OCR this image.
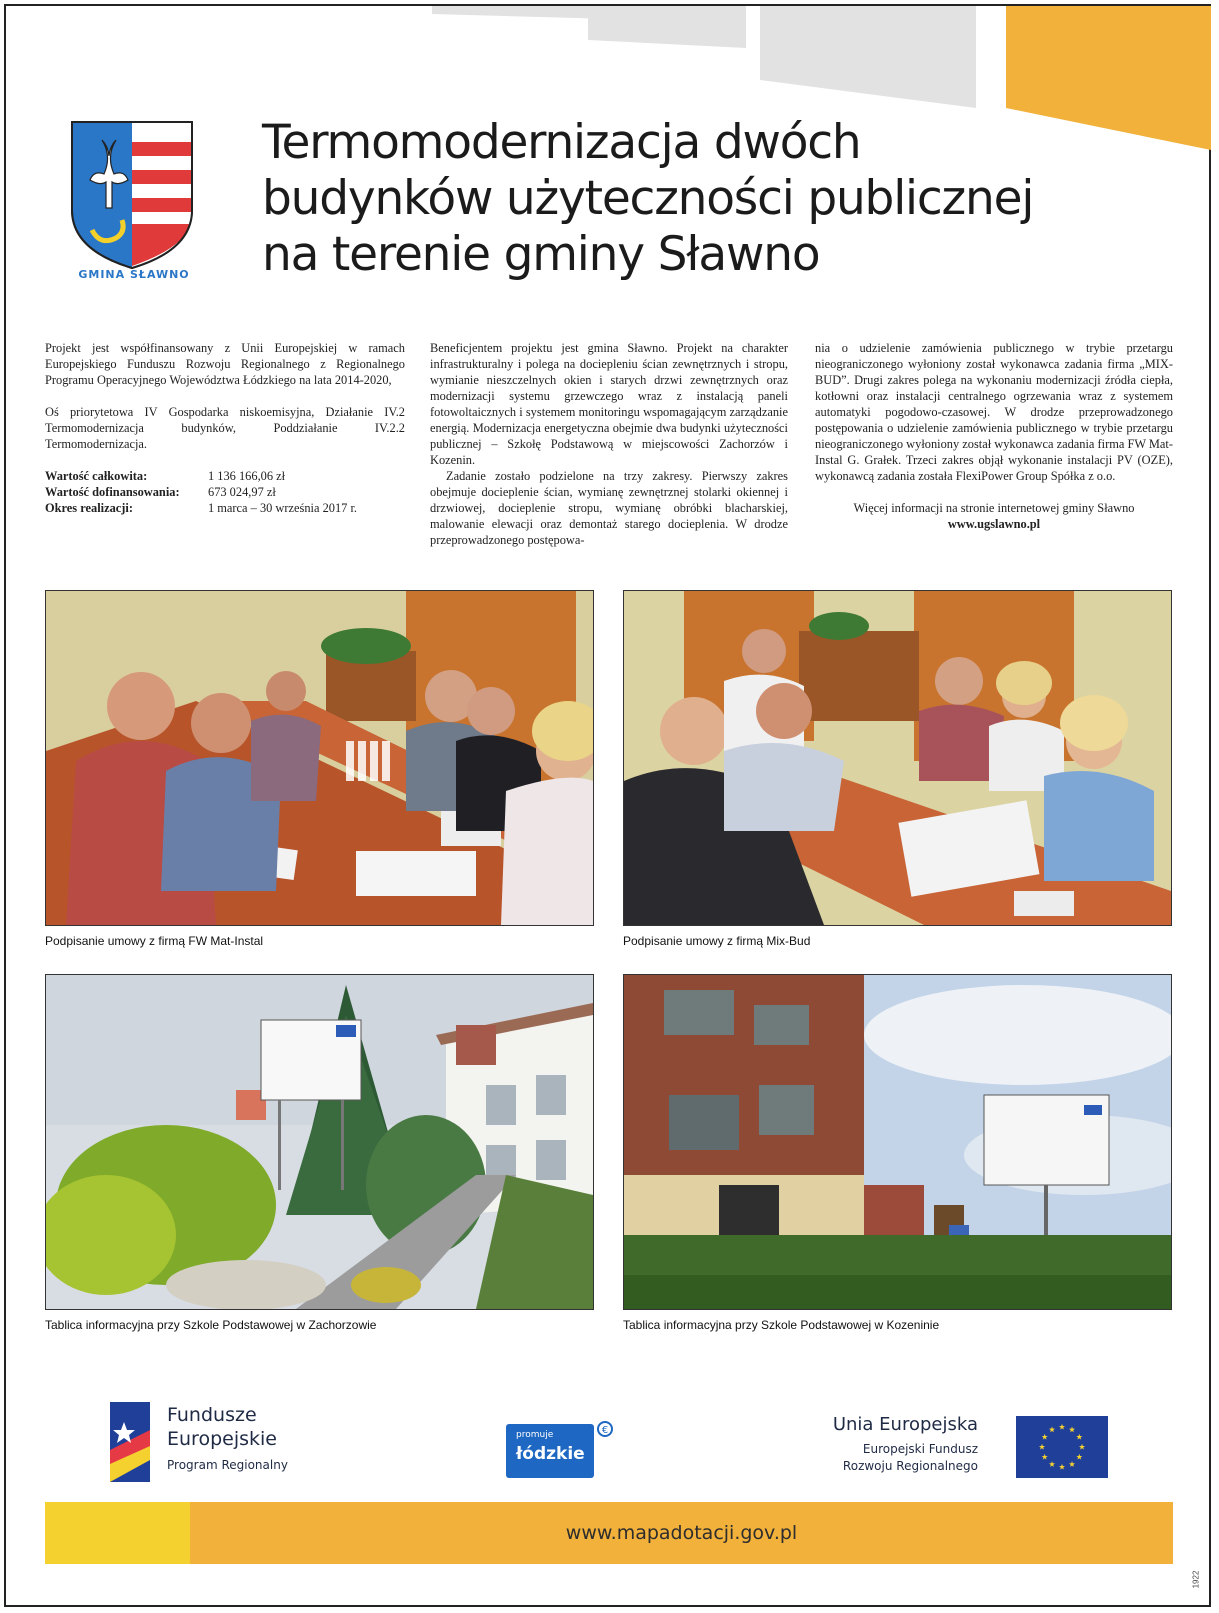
GMINA SŁAWNO
Termomodernizacja dwóch
budynków użyteczności publicznej
na terenie gminy Sławno

Projekt jest współfinansowany z Unii Europejskiej w ramach Europejskiego Funduszu Rozwoju Regionalnego z Regionalnego Programu Operacyjnego Województwa Łódzkiego na lata 2014-2020,

Oś priorytetowa IV Gospodarka niskoemisyjna, Działanie IV.2 Termomodernizacja budynków, Poddziałanie IV.2.2 Termomodernizacja.

Wartość całkowita:	1 136 166,06 zł
Wartość dofinansowania:	673 024,97 zł
Okres realizacji:	1 marca – 30 września 2017 r.

Beneficjentem projektu jest gmina Sławno. Projekt na charakter infrastrukturalny i polega na dociepleniu ścian zewnętrznych i stropu, wymianie nieszczelnych okien i starych drzwi zewnętrznych oraz modernizacji systemu grzewczego wraz z instalacją paneli fotowoltaicznych i systemem monitoringu wspomagającym zarządzanie energią. Modernizacja energetyczna obejmie dwa budynki użyteczności publicznej – Szkołę Podstawową w miejscowości Zachorzów i Kozenin.

Zadanie zostało podzielone na trzy zakresy. Pierwszy zakres obejmuje docieplenie ścian, wymianę zewnętrznej stolarki okiennej i drzwiowej, docieplenie stropu, wymianę obróbki blacharskiej, malowanie elewacji oraz demontaż starego docieplenia. W drodze przeprowadzonego postępowa-

nia o udzielenie zamówienia publicznego w trybie przetargu nieograniczonego wyłoniony został wykonawca zadania firma „MIX-BUD”. Drugi zakres polega na wykonaniu modernizacji źródła ciepła, kotłowni oraz instalacji centralnego ogrzewania wraz z systemem automatyki pogodowo-czasowej. W drodze przeprowadzonego postępowania o udzielenie zamówienia publicznego w trybie przetargu nieograniczonego wyłoniony został wykonawca zadania firma FW Mat-Instal G. Grałek. Trzeci zakres objął wykonanie instalacji PV (OZE), wykonawcą zadania została FlexiPower Group Spółka z o.o.

Więcej informacji na stronie internetowej gminy Sławno

www.ugslawno.pl

Podpisanie umowy z firmą FW Mat-Instal	Podpisanie umowy z firmą Mix-Bud
Tablica informacyjna przy Szkole Podstawowej w Zachorzowie	Tablica informacyjna przy Szkole Podstawowej w Kozeninie
Fundusze
Europejskie
Program Regionalny
promuje
łódzkie
€	Unia Europejska
Europejski Fundusz
Rozwoju Regionalnego
www.mapadotacji.gov.pl
1922
